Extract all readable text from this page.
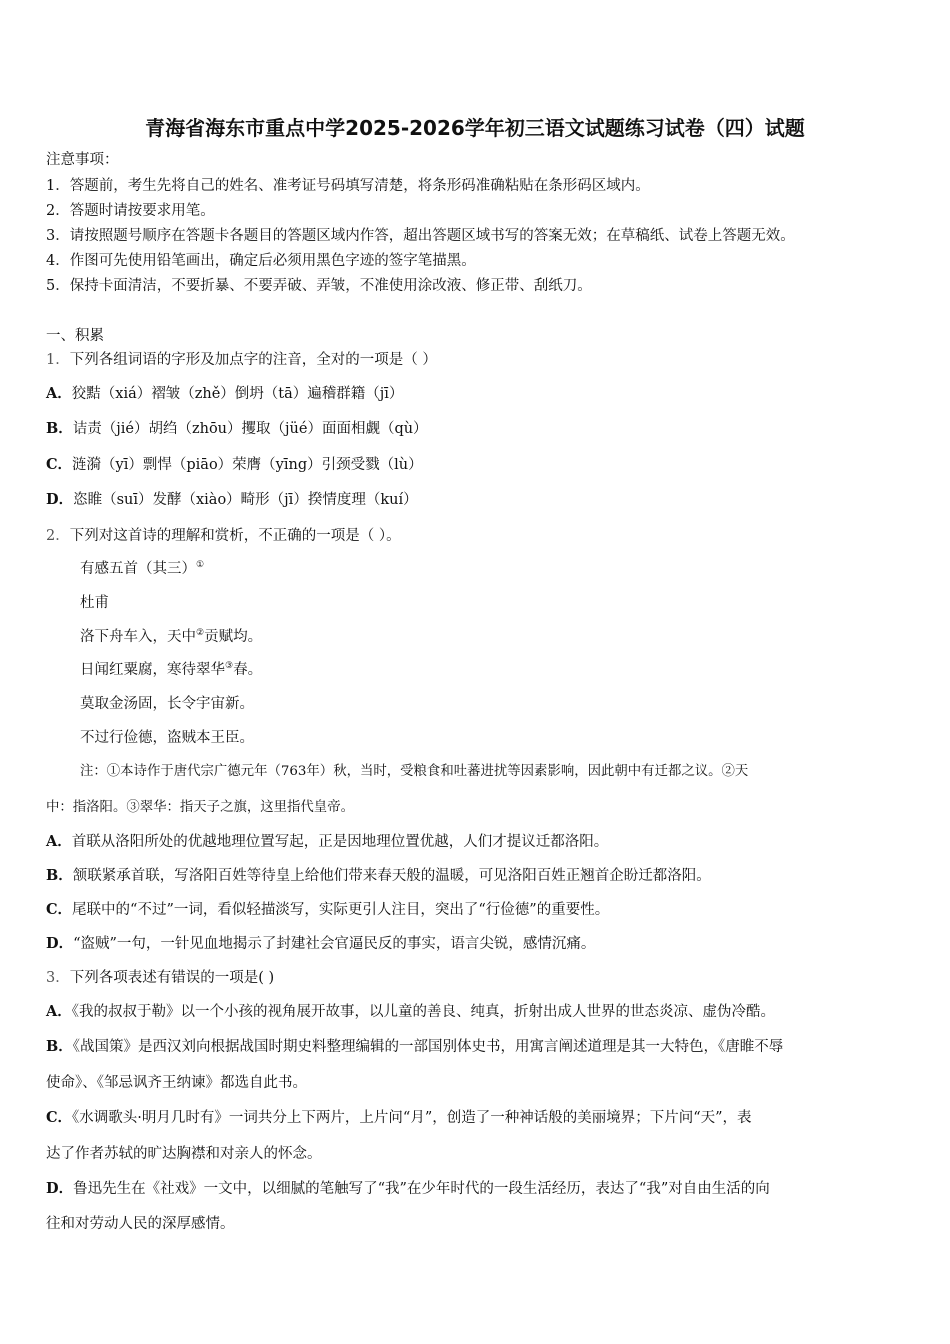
青海省海东市重点中学2025-2026学年初三语文试题练习试卷（四）试题
注意事项：
1．答题前，考生先将自己的姓名、准考证号码填写清楚，将条形码准确粘贴在条形码区域内。
2．答题时请按要求用笔。
3．请按照题号顺序在答题卡各题目的答题区域内作答，超出答题区域书写的答案无效；在草稿纸、试卷上答题无效。
4．作图可先使用铅笔画出，确定后必须用黑色字迹的签字笔描黑。
5．保持卡面清洁，不要折暴、不要弄破、弄皱，不准使用涂改液、修正带、刮纸刀。
一、积累
1．下列各组词语的字形及加点字的注音，全对的一项是（ ）
A．狡黠（xiá）褶皱（zhě）倒坍（tā）遍稽群籍（jī）
B．诘责（jié）胡绉（zhōu）攫取（jüé）面面相觑（qù）
C．涟漪（yī）剽悍（piāo）荣膺（yīng）引颈受戮（lù）
D．恣睢（suī）发酵（xiào）畸形（jī）揆情度理（kuí）
2．下列对这首诗的理解和赏析，不正确的一项是（ ）。
有感五首（其三）①
杜甫
洛下舟车入，天中②贡赋均。
日闻红粟腐，寒待翠华③春。
莫取金汤固，长令宇宙新。
不过行俭德，盗贼本王臣。
注：①本诗作于唐代宗广德元年（763年）秋，当时，受粮食和吐蕃进扰等因素影响，因此朝中有迁都之议。②天
中：指洛阳。③翠华：指天子之旗，这里指代皇帝。
A．首联从洛阳所处的优越地理位置写起，正是因地理位置优越，人们才提议迁都洛阳。
B．颔联紧承首联，写洛阳百姓等待皇上给他们带来春天般的温暖，可见洛阳百姓正翘首企盼迁都洛阳。
C．尾联中的“不过”一词，看似轻描淡写，实际更引人注目，突出了“行俭德”的重要性。
D．“盗贼”一句，一针见血地揭示了封建社会官逼民反的事实，语言尖锐，感情沉痛。
3．下列各项表述有错误的一项是( )
A．《我的叔叔于勒》以一个小孩的视角展开故事，以儿童的善良、纯真，折射出成人世界的世态炎凉、虚伪冷酷。
B．《战国策》是西汉刘向根据战国时期史料整理编辑的一部国别体史书，用寓言阐述道理是其一大特色，《唐睢不辱
使命》、《邹忌讽齐王纳谏》都选自此书。
C．《水调歌头·明月几时有》一词共分上下两片，上片问“月”，创造了一种神话般的美丽境界；下片问“天”，表
达了作者苏轼的旷达胸襟和对亲人的怀念。
D．鲁迅先生在《社戏》一文中，以细腻的笔触写了“我”在少年时代的一段生活经历，表达了“我”对自由生活的向
往和对劳动人民的深厚感情。
